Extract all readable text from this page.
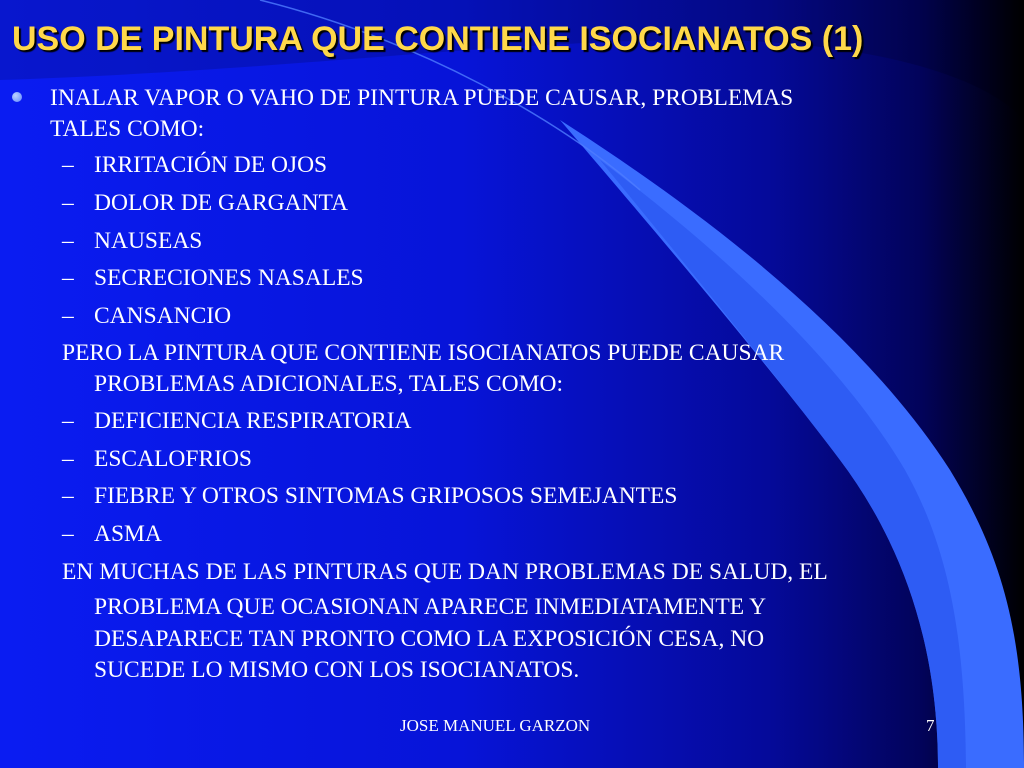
USO DE PINTURA QUE CONTIENE ISOCIANATOS (1)
INALAR VAPOR O VAHO DE PINTURA PUEDE CAUSAR, PROBLEMAS
TALES COMO:
– IRRITACIÓN DE OJOS
– DOLOR DE GARGANTA
– NAUSEAS
– SECRECIONES NASALES
– CANSANCIO
PERO LA PINTURA QUE CONTIENE ISOCIANATOS PUEDE CAUSAR
PROBLEMAS ADICIONALES, TALES COMO:
– DEFICIENCIA RESPIRATORIA
– ESCALOFRIOS
– FIEBRE Y OTROS SINTOMAS GRIPOSOS SEMEJANTES
– ASMA
EN MUCHAS DE LAS PINTURAS QUE DAN PROBLEMAS DE SALUD, EL
PROBLEMA QUE OCASIONAN APARECE INMEDIATAMENTE Y
DESAPARECE TAN PRONTO COMO LA EXPOSICIÓN CESA, NO
SUCEDE LO MISMO CON LOS ISOCIANATOS.
JOSE MANUEL GARZON	7
